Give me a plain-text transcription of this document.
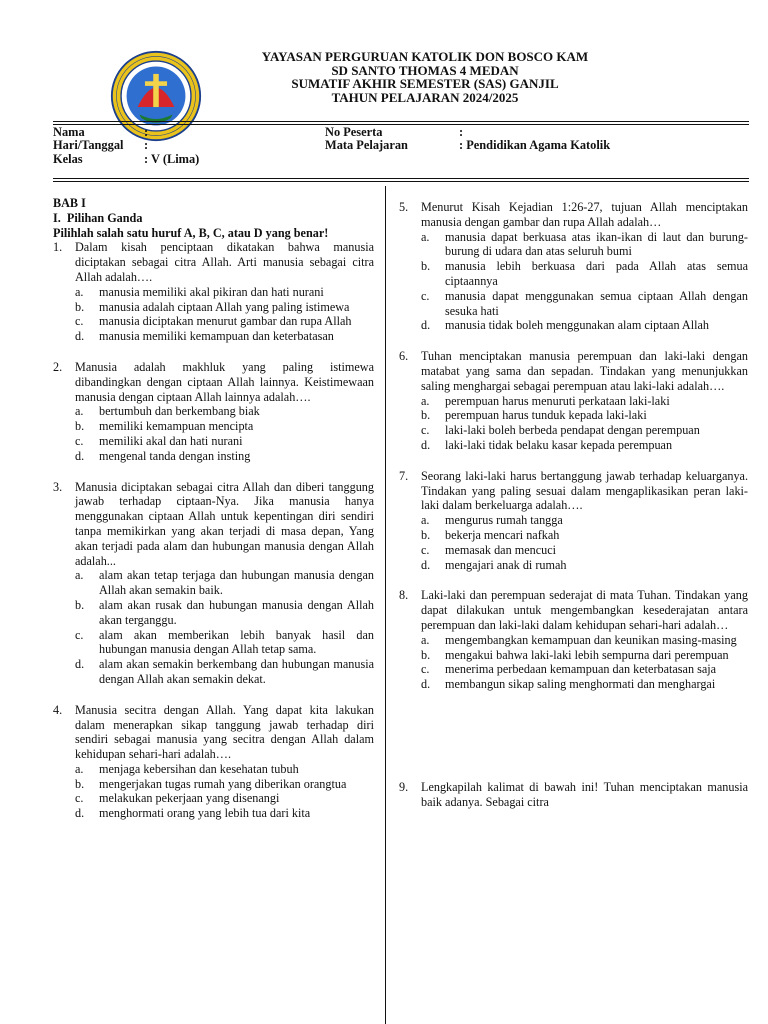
YAYASAN PERGURUAN KATOLIK DON BOSCO KAM
SD SANTO THOMAS 4 MEDAN
SUMATIF AKHIR SEMESTER (SAS) GANJIL
TAHUN PELAJARAN 2024/2025
Nama	:
Hari/Tanggal :
Kelas	: V (Lima)
No Peserta	:
Mata Pelajaran	: Pendidikan Agama Katolik
BAB I
I. Pilihan Ganda
Pilihlah salah satu huruf A, B, C, atau D yang benar!
1. Dalam kisah penciptaan dikatakan bahwa manusia diciptakan sebagai citra Allah. Arti manusia sebagai citra Allah adalah….
a. manusia memiliki akal pikiran dan hati nurani
b. manusia adalah ciptaan Allah yang paling istimewa
c. manusia diciptakan menurut gambar dan rupa Allah
d. manusia memiliki kemampuan dan keterbatasan
2. Manusia adalah makhluk yang paling istimewa dibandingkan dengan ciptaan Allah lainnya. Keistimewaan manusia dengan ciptaan Allah lainnya adalah….
a. bertumbuh dan berkembang biak
b. memiliki kemampuan mencipta
c. memiliki akal dan hati nurani
d. mengenal tanda dengan insting
3. Manusia diciptakan sebagai citra Allah dan diberi tanggung jawab terhadap ciptaan-Nya. Jika manusia hanya menggunakan ciptaan Allah untuk kepentingan diri sendiri tanpa memikirkan yang akan terjadi di masa depan, Yang akan terjadi pada alam dan hubungan manusia dengan Allah adalah...
a. alam akan tetap terjaga dan hubungan manusia dengan Allah akan semakin baik.
b. alam akan rusak dan hubungan manusia dengan Allah akan terganggu.
c. alam akan memberikan lebih banyak hasil dan hubungan manusia dengan Allah tetap sama.
d. alam akan semakin berkembang dan hubungan manusia dengan Allah akan semakin dekat.
4. Manusia secitra dengan Allah. Yang dapat kita lakukan dalam menerapkan sikap tanggung jawab terhadap diri sendiri sebagai manusia yang secitra dengan Allah dalam kehidupan sehari-hari adalah….
a. menjaga kebersihan dan kesehatan tubuh
b. mengerjakan tugas rumah yang diberikan orangtua
c. melakukan pekerjaan yang disenangi
d. menghormati orang yang lebih tua dari kita
5. Menurut Kisah Kejadian 1:26-27, tujuan Allah menciptakan manusia dengan gambar dan rupa Allah adalah…
a. manusia dapat berkuasa atas ikan-ikan di laut dan burung-burung di udara dan atas seluruh bumi
b. manusia lebih berkuasa dari pada Allah atas semua ciptaannya
c. manusia dapat menggunakan semua ciptaan Allah dengan sesuka hati
d. manusia tidak boleh menggunakan alam ciptaan Allah
6. Tuhan menciptakan manusia perempuan dan laki-laki dengan matabat yang sama dan sepadan. Tindakan yang menunjukkan saling menghargai sebagai perempuan atau laki-laki adalah….
a. perempuan harus menuruti perkataan laki-laki
b. perempuan harus tunduk kepada laki-laki
c. laki-laki boleh berbeda pendapat dengan perempuan
d. laki-laki tidak belaku kasar kepada perempuan
7. Seorang laki-laki harus bertanggung jawab terhadap keluarganya. Tindakan yang paling sesuai dalam mengaplikasikan peran laki-laki dalam berkeluarga adalah….
a. mengurus rumah tangga
b. bekerja mencari nafkah
c. memasak dan mencuci
d. mengajari anak di rumah
8. Laki-laki dan perempuan sederajat di mata Tuhan. Tindakan yang dapat dilakukan untuk mengembangkan kesederajatan antara perempuan dan laki-laki dalam kehidupan sehari-hari adalah…
a. mengembangkan kemampuan dan keunikan masing-masing
b. mengakui bahwa laki-laki lebih sempurna dari perempuan
c. menerima perbedaan kemampuan dan keterbatasan saja
d. membangun sikap saling menghormati dan menghargai
9. Lengkapilah kalimat di bawah ini! Tuhan menciptakan manusia baik adanya. Sebagai citra
